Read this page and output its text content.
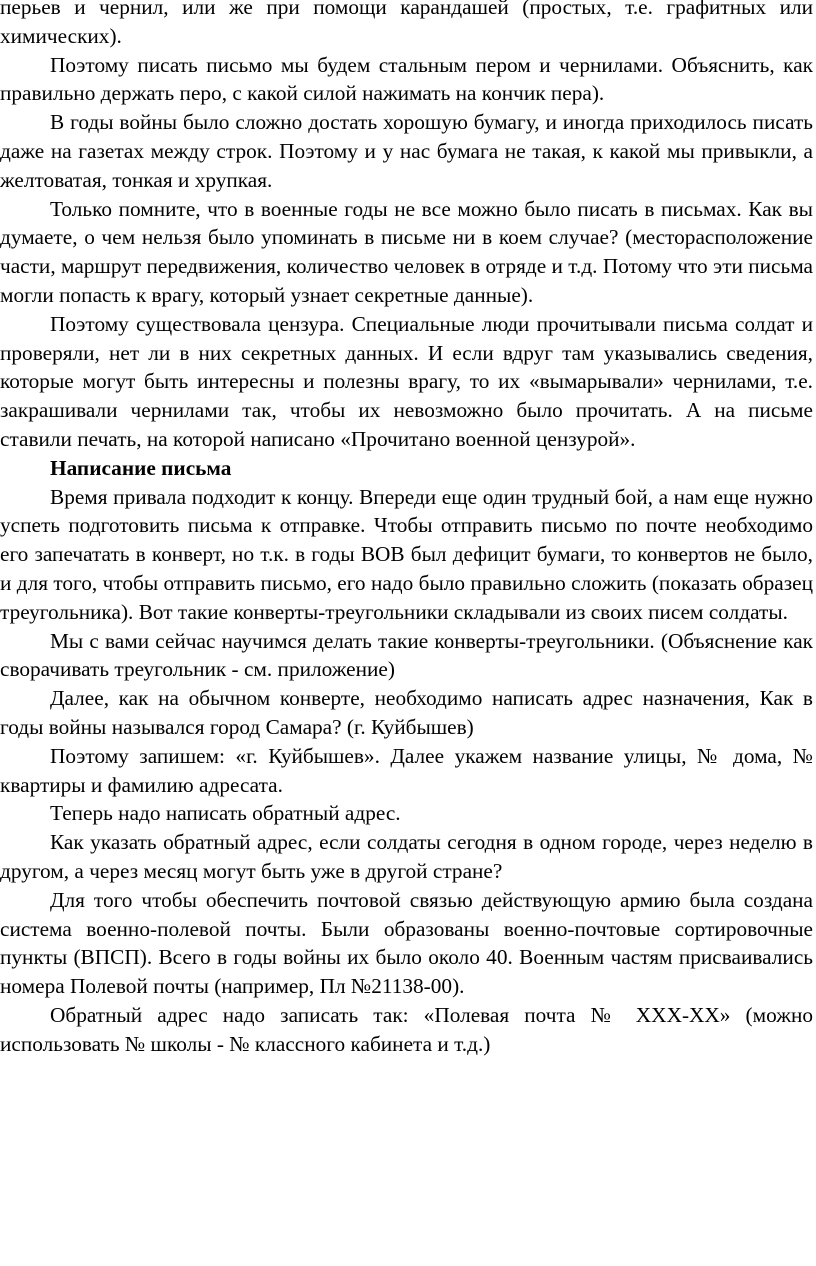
перьев и чернил, или же при помощи карандашей (простых, т.е. графитных или химических).

Поэтому писать письмо мы будем стальным пером и чернилами. Объяснить, как правильно держать перо, с какой силой нажимать на кончик пера).

В годы войны было сложно достать хорошую бумагу, и иногда приходилось писать даже на газетах между строк. Поэтому и у нас бумага не такая, к какой мы привыкли, а желтоватая, тонкая и хрупкая.

Только помните, что в военные годы не все можно было писать в письмах. Как вы думаете, о чем нельзя было упоминать в письме ни в коем случае? (месторасположение части, маршрут передвижения, количество человек в отряде и т.д. Потому что эти письма могли попасть к врагу, который узнает секретные данные).

Поэтому существовала цензура. Специальные люди прочитывали письма солдат и проверяли, нет ли в них секретных данных. И если вдруг там указывались сведения, которые могут быть интересны и полезны врагу, то их «вымарывали» чернилами, т.е. закрашивали чернилами так, чтобы их невозможно было прочитать. А на письме ставили печать, на которой написано «Прочитано военной цензурой».

Написание письма

Время привала подходит к концу. Впереди еще один трудный бой, а нам еще нужно успеть подготовить письма к отправке. Чтобы отправить письмо по почте необходимо его запечатать в конверт, но т.к. в годы ВОВ был дефицит бумаги, то конвертов не было, и для того, чтобы отправить письмо, его надо было правильно сложить (показать образец треугольника). Вот такие конверты-треугольники складывали из своих писем солдаты.

Мы с вами сейчас научимся делать такие конверты-треугольники. (Объяснение как сворачивать треугольник - см. приложение)

Далее, как на обычном конверте, необходимо написать адрес назначения, Как в годы войны назывался город Самара? (г. Куйбышев)

Поэтому запишем: «г. Куйбышев». Далее укажем название улицы, № дома, № квартиры и фамилию адресата.

Теперь надо написать обратный адрес.

Как указать обратный адрес, если солдаты сегодня в одном городе, через неделю в другом, а через месяц могут быть уже в другой стране?

Для того чтобы обеспечить почтовой связью действующую армию была создана система военно-полевой почты. Были образованы военно-почтовые сортировочные пункты (ВПСП). Всего в годы войны их было около 40. Военным частям присваивались номера Полевой почты (например, Пл №21138-00).

Обратный адрес надо записать так: «Полевая почта № XXX-XX» (можно использовать № школы - № классного кабинета и т.д.)
